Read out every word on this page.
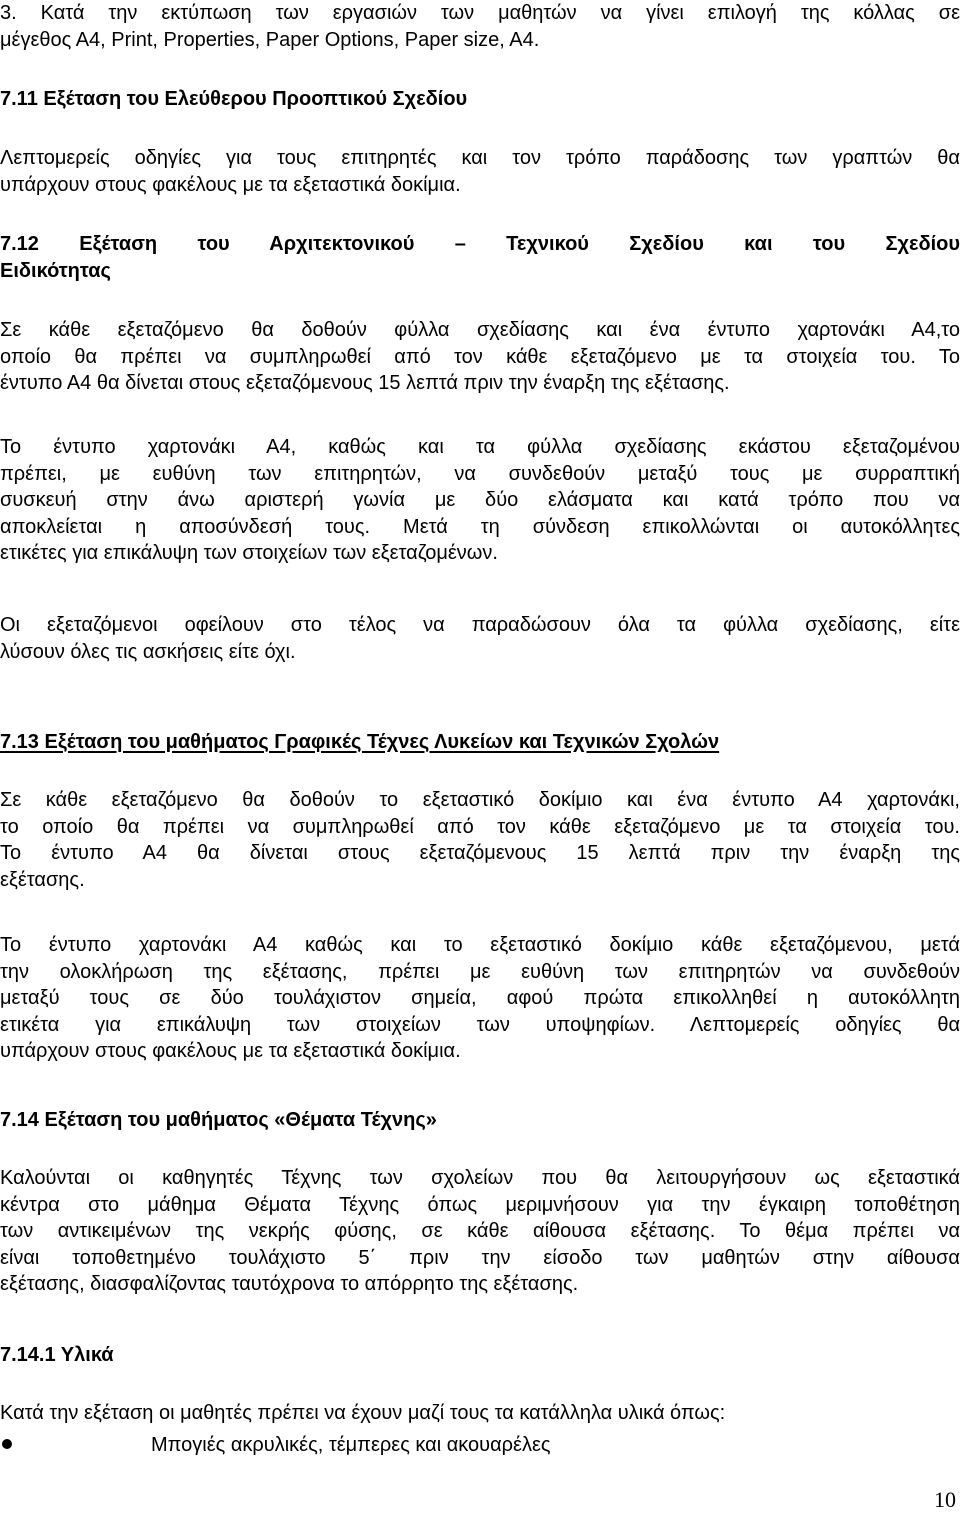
3. Κατά την εκτύπωση των εργασιών των μαθητών να γίνει επιλογή της κόλλας σε
μέγεθος Α4, Print, Properties, Paper Options, Paper size, A4.
7.11 Εξέταση του Ελεύθερου Προοπτικού Σχεδίου
Λεπτομερείς οδηγίες για τους επιτηρητές και τον τρόπο παράδοσης των γραπτών θα
υπάρχουν στους φακέλους με τα εξεταστικά δοκίμια.
7.12 Εξέταση του Αρχιτεκτονικού – Τεχνικού Σχεδίου και του Σχεδίου
Ειδικότητας
Σε κάθε εξεταζόμενο θα δοθούν φύλλα σχεδίασης και ένα έντυπο χαρτονάκι Α4,το
οποίο θα πρέπει να συμπληρωθεί από τον κάθε εξεταζόμενο με τα στοιχεία του. Το
έντυπο Α4 θα δίνεται στους εξεταζόμενους 15 λεπτά πριν την έναρξη της εξέτασης.
Το έντυπο χαρτονάκι Α4, καθώς και τα φύλλα σχεδίασης εκάστου εξεταζομένου
πρέπει, με ευθύνη των επιτηρητών, να συνδεθούν μεταξύ τους με συρραπτική
συσκευή στην άνω αριστερή γωνία με δύο ελάσματα και κατά τρόπο που να
αποκλείεται η αποσύνδεσή τους. Μετά τη σύνδεση επικολλώνται οι αυτοκόλλητες
ετικέτες για επικάλυψη των στοιχείων των εξεταζομένων.
Οι εξεταζόμενοι οφείλουν στο τέλος να παραδώσουν όλα τα φύλλα σχεδίασης, είτε
λύσουν όλες τις ασκήσεις είτε όχι.
7.13 Εξέταση του μαθήματος Γραφικές Τέχνες Λυκείων και Τεχνικών Σχολών
Σε κάθε εξεταζόμενο θα δοθούν το εξεταστικό δοκίμιο και ένα έντυπο Α4 χαρτονάκι,
το οποίο θα πρέπει να συμπληρωθεί από τον κάθε εξεταζόμενο με τα στοιχεία του.
Το έντυπο Α4 θα δίνεται στους εξεταζόμενους 15 λεπτά πριν την έναρξη της
εξέτασης.
Το έντυπο χαρτονάκι Α4 καθώς και το εξεταστικό δοκίμιο κάθε εξεταζόμενου, μετά
την ολοκλήρωση της εξέτασης, πρέπει με ευθύνη των επιτηρητών να συνδεθούν
μεταξύ τους σε δύο τουλάχιστον σημεία, αφού πρώτα επικολληθεί η αυτοκόλλητη
ετικέτα για επικάλυψη των στοιχείων των υποψηφίων. Λεπτομερείς οδηγίες θα
υπάρχουν στους φακέλους με τα εξεταστικά δοκίμια.
7.14 Εξέταση του μαθήματος «Θέματα Τέχνης»
Καλούνται οι καθηγητές Τέχνης των σχολείων που θα λειτουργήσουν ως εξεταστικά
κέντρα στο μάθημα Θέματα Τέχνης όπως μεριμνήσουν για την έγκαιρη τοποθέτηση
των αντικειμένων της νεκρής φύσης, σε κάθε αίθουσα εξέτασης. Το θέμα πρέπει να
είναι τοποθετημένο τουλάχιστο 5΄ πριν την είσοδο των μαθητών στην αίθουσα
εξέτασης, διασφαλίζοντας ταυτόχρονα το απόρρητο της εξέτασης.
7.14.1 Υλικά
Κατά την εξέταση οι μαθητές πρέπει να έχουν μαζί τους τα κατάλληλα υλικά όπως:
Μπογιές ακρυλικές, τέμπερες και ακουαρέλες
10
